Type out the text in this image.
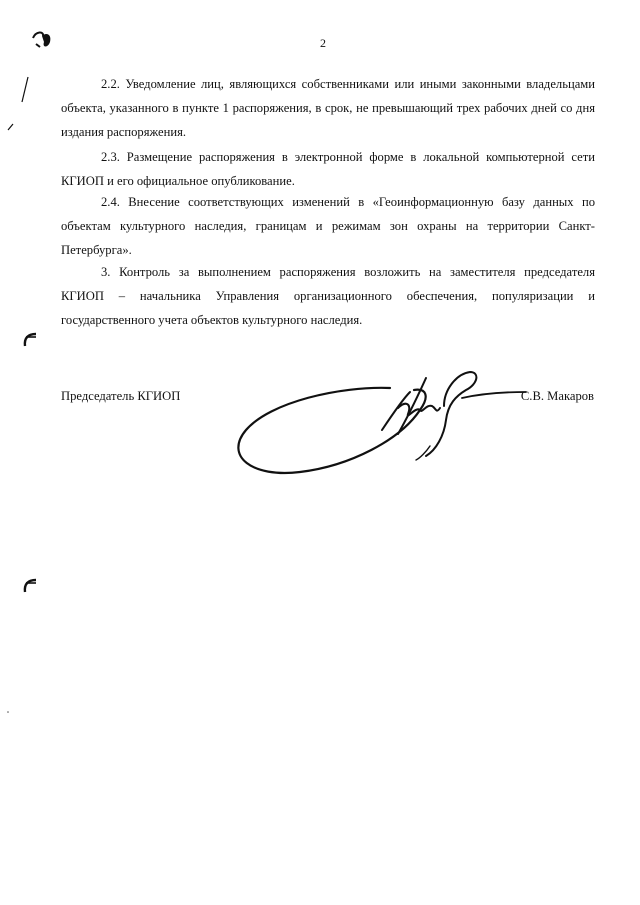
2

2.2. Уведомление лиц, являющихся собственниками или иными законными владельцами объекта, указанного в пункте 1 распоряжения, в срок, не превышающий трех рабочих дней со дня издания распоряжения.

2.3. Размещение распоряжения в электронной форме в локальной компьютерной сети КГИОП и его официальное опубликование.

2.4. Внесение соответствующих изменений в «Геоинформационную базу данных по объектам культурного наследия, границам и режимам зон охраны на территории Санкт-Петербурга».

3. Контроль за выполнением распоряжения возложить на заместителя председателя КГИОП – начальника Управления организационного обеспечения, популяризации и государственного учета объектов культурного наследия.

Председатель КГИОП	С.В. Макаров
